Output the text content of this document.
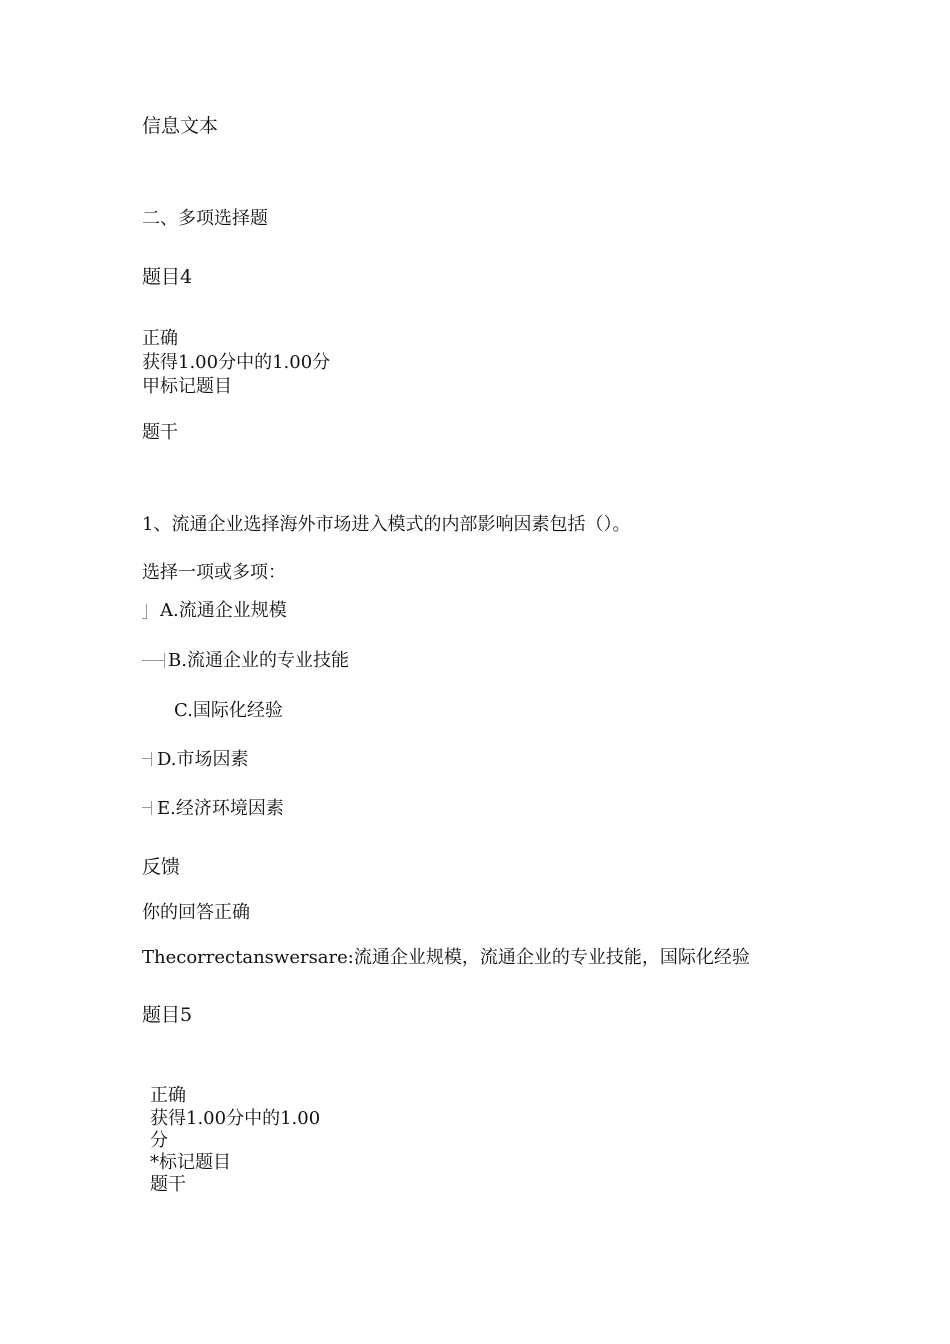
信息文本
二、多项选择题
题目4
正确
获得1.00分中的1.00分
甲标记题目
题干
1、流通企业选择海外市场进入模式的内部影响因素包括（）。
选择一项或多项：
A.流通企业规模
B.流通企业的专业技能
C.国际化经验
D.市场因素
E.经济环境因素
反馈
你的回答正确
Thecorrectanswersare:流通企业规模，流通企业的专业技能，国际化经验
题目5
正确
获得1.00分中的1.00
分
*标记题目
题干
